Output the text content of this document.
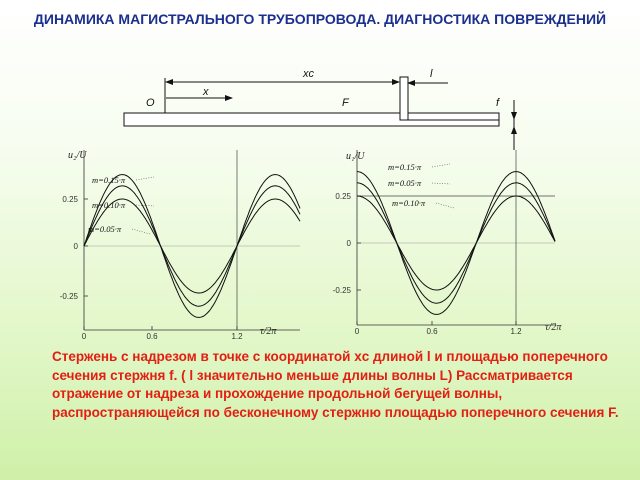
ДИНАМИКА МАГИСТРАЛЬНОГО ТРУБОПРОВОДА. ДИАГНОСТИКА ПОВРЕЖДЕНИЙ
O
x
xc	l
F	f
0.25
0
-0.25
0	0.6	1.2
u₂/U
τ/2π
m=0.15·π
m=0.10·π
m=0.05·π
0.25
0
-0.25
0	0.6	1.2
u₁/U
τ/2π
m=0.15·π
m=0.05·π
m=0.10·π
Стержень с надрезом в точке с координатой xc длиной l и площадью поперечного сечения стержня f. ( l значительно меньше длины волны L) Рассматривается отражение от надреза и прохождение продольной бегущей волны, распространяющейся по бесконечному стержню площадью поперечного сечения F.
